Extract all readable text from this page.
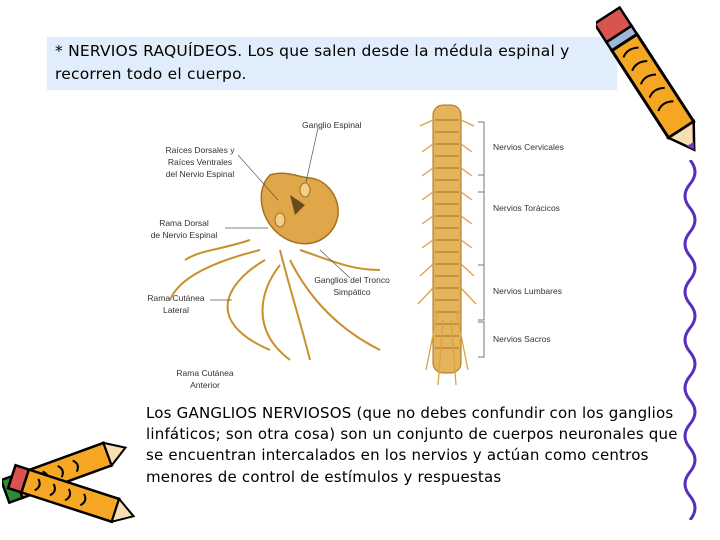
* NERVIOS RAQUÍDEOS. Los que salen desde la médula espinal y recorren todo el cuerpo.
Ganglio Espinal
Raíces Dorsales y
Raíces Ventrales
del Nervio Espinal
Rama Dorsal
de Nervio Espinal
Ganglios del Tronco
Simpático
Rama Cutánea
Lateral
Rama Cutánea
Anterior
Nervios Cervicales
Nervios Torácicos
Nervios Lumbares
Nervios Sacros
Los GANGLIOS NERVIOSOS (que no debes confundir con los ganglios linfáticos; son otra cosa) son un conjunto de cuerpos neuronales que se encuentran intercalados en los nervios y actúan como centros menores de control de estímulos y respuestas
